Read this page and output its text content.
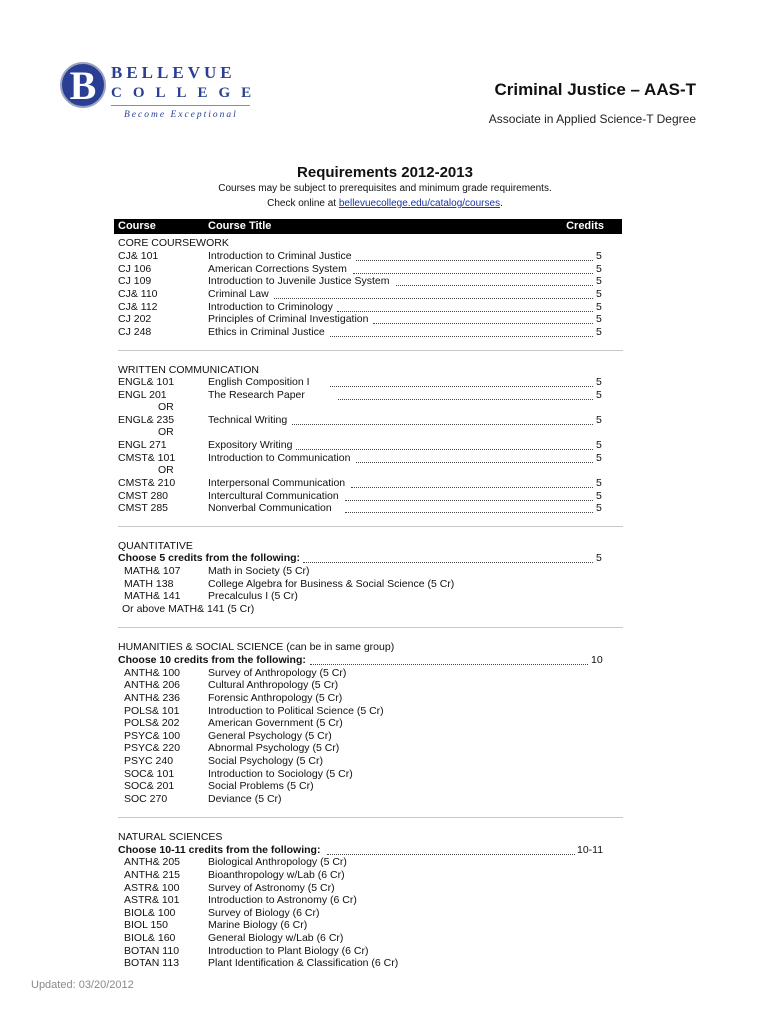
B BELLEVUE
COLLEGE
Become Exceptional
Criminal Justice – AAS-T
Associate in Applied Science-T Degree
Requirements 2012-2013
Courses may be subject to prerequisites and minimum grade requirements.
Check online at bellevuecollege.edu/catalog/courses.
Course	Course Title	Credits
CORE COURSEWORK
CJ& 101	Introduction to Criminal Justice	5
CJ 106	American Corrections System	5
CJ 109	Introduction to Juvenile Justice System	5
CJ& 110	Criminal Law	5
CJ& 112	Introduction to Criminology	5
CJ 202	Principles of Criminal Investigation	5
CJ 248	Ethics in Criminal Justice	5
WRITTEN COMMUNICATION
ENGL& 101	English Composition I	5
ENGL 201	The Research Paper	5
OR
ENGL& 235	Technical Writing	5
OR
ENGL 271	Expository Writing	5
CMST& 101	Introduction to Communication	5
OR
CMST& 210	Interpersonal Communication	5
CMST 280	Intercultural Communication	5
CMST 285	Nonverbal Communication	5
QUANTITATIVE
Choose 5 credits from the following:	5
MATH& 107	Math in Society (5 Cr)
MATH 138	College Algebra for Business & Social Science (5 Cr)
MATH& 141	Precalculus I (5 Cr)
Or above MATH& 141 (5 Cr)
HUMANITIES & SOCIAL SCIENCE (can be in same group)
Choose 10 credits from the following:	10
ANTH& 100	Survey of Anthropology (5 Cr)
ANTH& 206	Cultural Anthropology (5 Cr)
ANTH& 236	Forensic Anthropology (5 Cr)
POLS& 101	Introduction to Political Science (5 Cr)
POLS& 202	American Government (5 Cr)
PSYC& 100	General Psychology (5 Cr)
PSYC& 220	Abnormal Psychology (5 Cr)
PSYC 240	Social Psychology (5 Cr)
SOC& 101	Introduction to Sociology (5 Cr)
SOC& 201	Social Problems (5 Cr)
SOC 270	Deviance (5 Cr)
NATURAL SCIENCES
Choose 10-11 credits from the following:	10-11
ANTH& 205	Biological Anthropology (5 Cr)
ANTH& 215	Bioanthropology w/Lab (6 Cr)
ASTR& 100	Survey of Astronomy (5 Cr)
ASTR& 101	Introduction to Astronomy (6 Cr)
BIOL& 100	Survey of Biology (6 Cr)
BIOL 150	Marine Biology (6 Cr)
BIOL& 160	General Biology w/Lab (6 Cr)
BOTAN 110	Introduction to Plant Biology (6 Cr)
BOTAN 113	Plant Identification & Classification (6 Cr)
Updated: 03/20/2012
